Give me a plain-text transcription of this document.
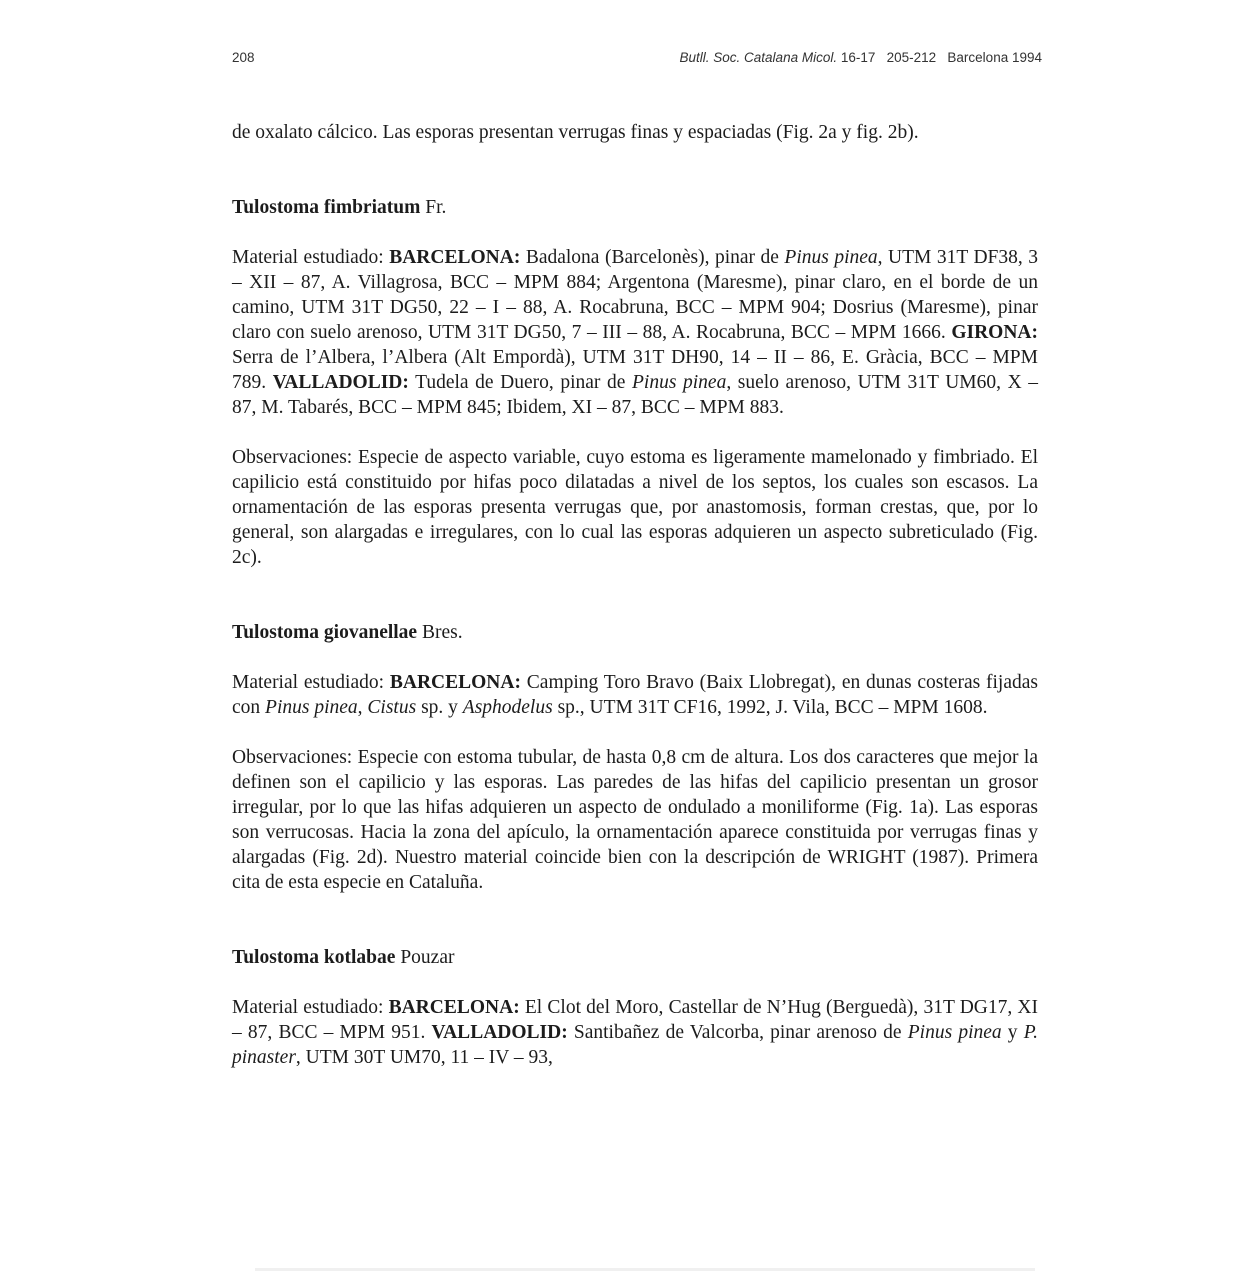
208	Butll. Soc. Catalana Micol. 16-17   205-212   Barcelona 1994

de oxalato cálcico. Las esporas presentan verrugas finas y espaciadas (Fig. 2a y fig. 2b).

Tulostoma fimbriatum Fr.

Material estudiado: BARCELONA: Badalona (Barcelonès), pinar de Pinus pinea, UTM 31T DF38, 3 – XII – 87, A. Villagrosa, BCC – MPM 884; Argentona (Maresme), pinar claro, en el borde de un camino, UTM 31T DG50, 22 – I – 88, A. Rocabruna, BCC – MPM 904; Dosrius (Maresme), pinar claro con suelo arenoso, UTM 31T DG50, 7 – III – 88, A. Rocabruna, BCC – MPM 1666. GIRONA: Serra de l’Albera, l’Albera (Alt Empordà), UTM 31T DH90, 14 – II – 86, E. Gràcia, BCC – MPM 789. VALLADOLID: Tudela de Duero, pinar de Pinus pinea, suelo arenoso, UTM 31T UM60, X – 87, M. Tabarés, BCC – MPM 845; Ibidem, XI – 87, BCC – MPM 883.

Observaciones: Especie de aspecto variable, cuyo estoma es ligeramente mamelonado y fimbriado. El capilicio está constituido por hifas poco dilatadas a nivel de los septos, los cuales son escasos. La ornamentación de las esporas presenta verrugas que, por anastomosis, forman crestas, que, por lo general, son alargadas e irregulares, con lo cual las esporas adquieren un aspecto subreticulado (Fig. 2c).

Tulostoma giovanellae Bres.

Material estudiado: BARCELONA: Camping Toro Bravo (Baix Llobregat), en dunas costeras fijadas con Pinus pinea, Cistus sp. y Asphodelus sp., UTM 31T CF16, 1992, J. Vila, BCC – MPM 1608.

Observaciones: Especie con estoma tubular, de hasta 0,8 cm de altura. Los dos caracteres que mejor la definen son el capilicio y las esporas. Las paredes de las hifas del capilicio presentan un grosor irregular, por lo que las hifas adquieren un aspecto de ondulado a moniliforme (Fig. 1a). Las esporas son verrucosas. Hacia la zona del apículo, la ornamentación aparece constituida por verrugas finas y alargadas (Fig. 2d). Nuestro material coincide bien con la descripción de WRIGHT (1987). Primera cita de esta especie en Cataluña.

Tulostoma kotlabae Pouzar

Material estudiado: BARCELONA: El Clot del Moro, Castellar de N’Hug (Berguedà), 31T DG17, XI – 87, BCC – MPM 951. VALLADOLID: Santibañez de Valcorba, pinar arenoso de Pinus pinea y P. pinaster, UTM 30T UM70, 11 – IV – 93,
